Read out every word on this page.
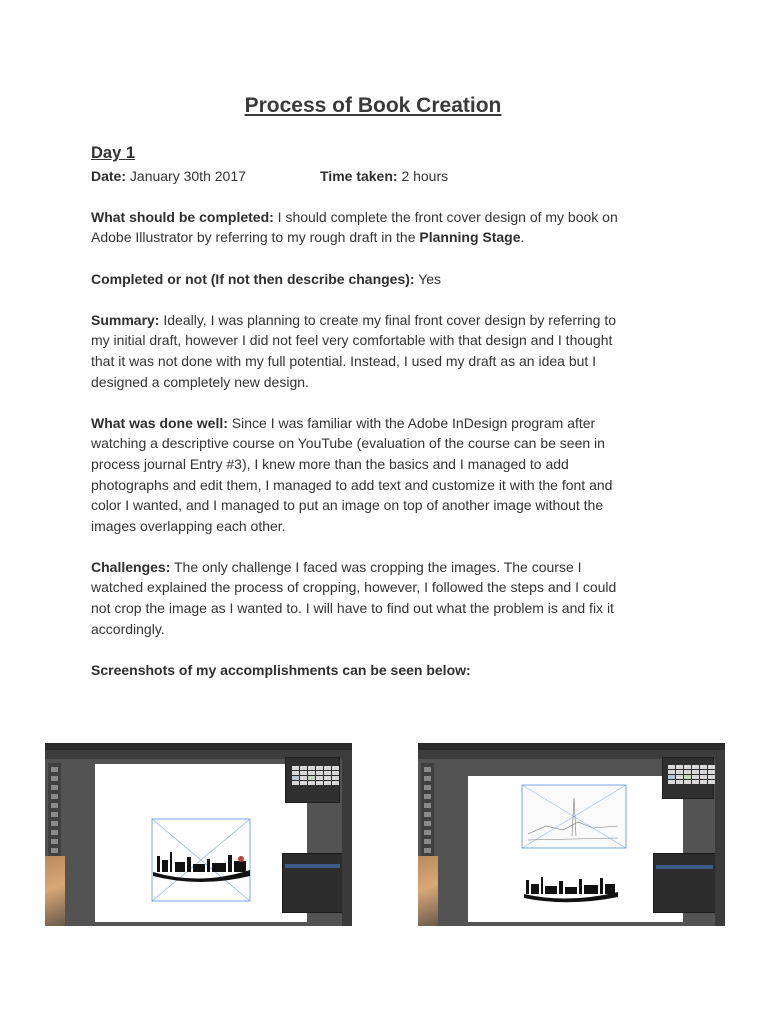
Process of Book Creation
Day 1
Date: January 30th 2017	Time taken: 2 hours
What should be completed: I should complete the front cover design of my book on
Adobe Illustrator by referring to my rough draft in the Planning Stage.
Completed or not (If not then describe changes): Yes
Summary: Ideally, I was planning to create my final front cover design by referring to
my initial draft, however I did not feel very comfortable with that design and I thought
that it was not done with my full potential. Instead, I used my draft as an idea but I
designed a completely new design.
What was done well: Since I was familiar with the Adobe InDesign program after
watching a descriptive course on YouTube (evaluation of the course can be seen in
process journal Entry #3), I knew more than the basics and I managed to add
photographs and edit them, I managed to add text and customize it with the font and
color I wanted, and I managed to put an image on top of another image without the
images overlapping each other.
Challenges: The only challenge I faced was cropping the images. The course I
watched explained the process of cropping, however, I followed the steps and I could
not crop the image as I wanted to. I will have to find out what the problem is and fix it
accordingly.
Screenshots of my accomplishments can be seen below:
